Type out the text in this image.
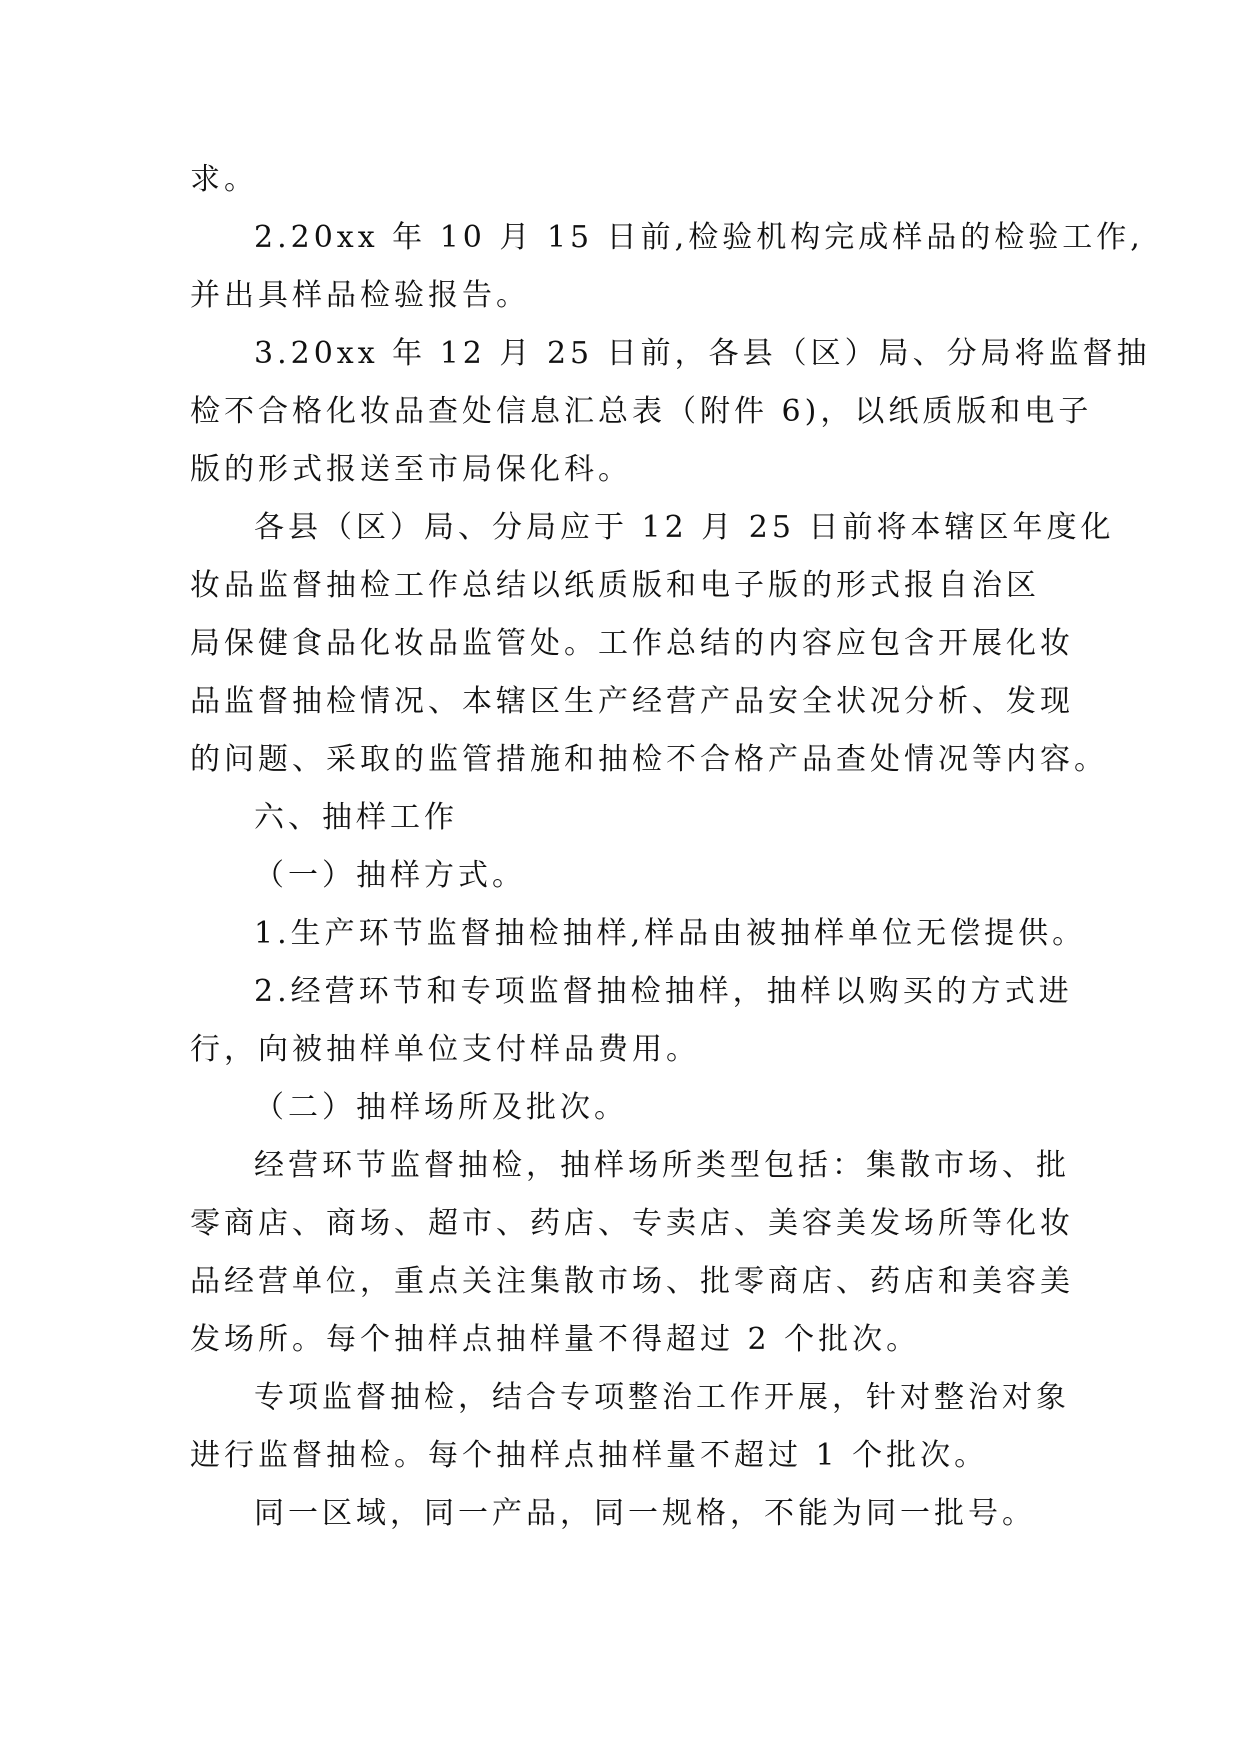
求。
2.20xx 年 10 月 15 日前,检验机构完成样品的检验工作,
并出具样品检验报告。
3.20xx 年 12 月 25 日前，各县（区）局、分局将监督抽
检不合格化妆品查处信息汇总表（附件 6)，以纸质版和电子
版的形式报送至市局保化科。
各县（区）局、分局应于 12 月 25 日前将本辖区年度化
妆品监督抽检工作总结以纸质版和电子版的形式报自治区
局保健食品化妆品监管处。工作总结的内容应包含开展化妆
品监督抽检情况、本辖区生产经营产品安全状况分析、发现
的问题、采取的监管措施和抽检不合格产品查处情况等内容。
六、抽样工作
（一）抽样方式。
1.生产环节监督抽检抽样,样品由被抽样单位无偿提供。
2.经营环节和专项监督抽检抽样，抽样以购买的方式进
行，向被抽样单位支付样品费用。
（二）抽样场所及批次。
经营环节监督抽检，抽样场所类型包括：集散市场、批
零商店、商场、超市、药店、专卖店、美容美发场所等化妆
品经营单位，重点关注集散市场、批零商店、药店和美容美
发场所。每个抽样点抽样量不得超过 2 个批次。
专项监督抽检，结合专项整治工作开展，针对整治对象
进行监督抽检。每个抽样点抽样量不超过 1 个批次。
同一区域，同一产品，同一规格，不能为同一批号。
